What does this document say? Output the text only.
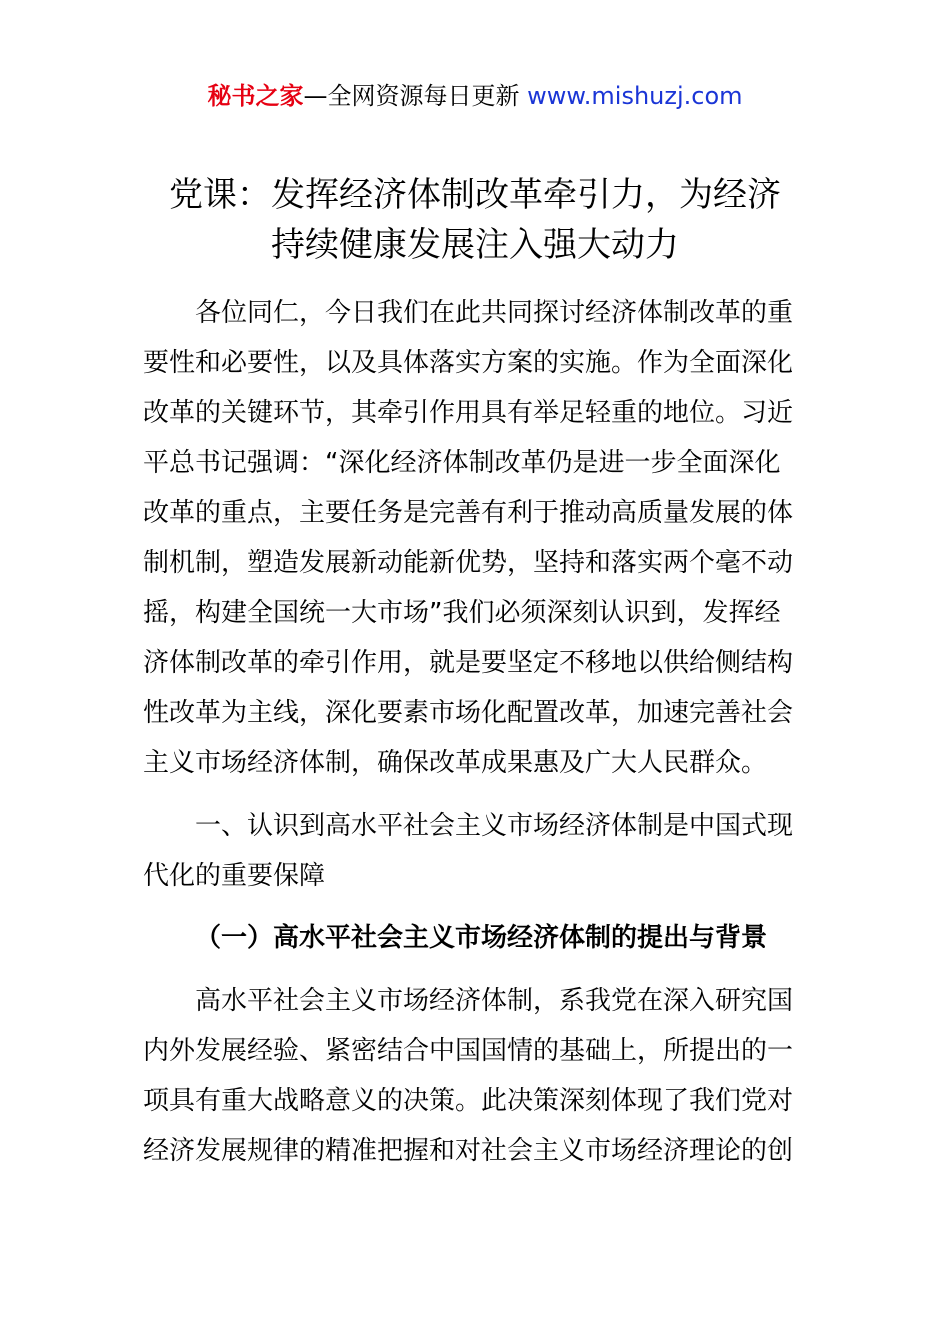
秘书之家—全网资源每日更新 www.mishuzj.com
党课：发挥经济体制改革牵引力，为经济
持续健康发展注入强大动力
各位同仁，今日我们在此共同探讨经济体制改革的重
要性和必要性，以及具体落实方案的实施。作为全面深化
改革的关键环节，其牵引作用具有举足轻重的地位。习近
平总书记强调：“深化经济体制改革仍是进一步全面深化
改革的重点，主要任务是完善有利于推动高质量发展的体
制机制，塑造发展新动能新优势，坚持和落实两个毫不动
摇，构建全国统一大市场”我们必须深刻认识到，发挥经
济体制改革的牵引作用，就是要坚定不移地以供给侧结构
性改革为主线，深化要素市场化配置改革，加速完善社会
主义市场经济体制，确保改革成果惠及广大人民群众。
一、认识到高水平社会主义市场经济体制是中国式现
代化的重要保障
（一）高水平社会主义市场经济体制的提出与背景
高水平社会主义市场经济体制，系我党在深入研究国
内外发展经验、紧密结合中国国情的基础上，所提出的一
项具有重大战略意义的决策。此决策深刻体现了我们党对
经济发展规律的精准把握和对社会主义市场经济理论的创
